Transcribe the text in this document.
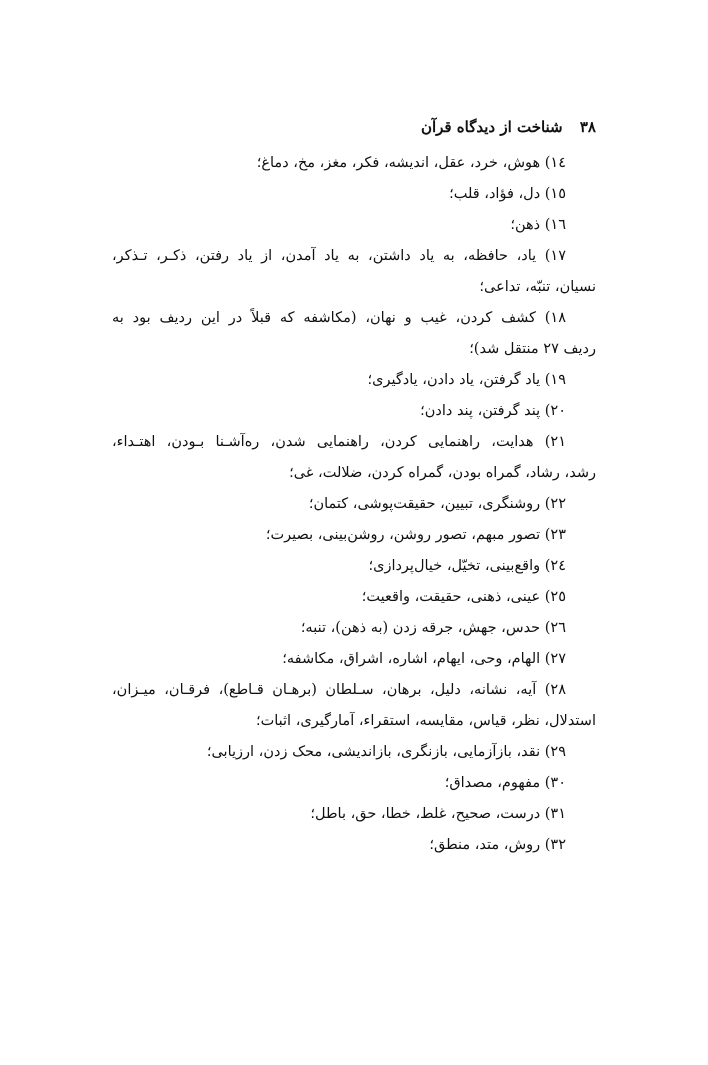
۳۸ شناخت از دیدگاه قرآن

١٤) هوش، خرد، عقل، اندیشه، فکر، مغز، مخ، دماغ؛

١٥) دل، فؤاد، قلب؛

١٦) ذهن؛

١٧) یاد، حافظه، به یاد داشتن، به یاد آمدن، از یاد رفتن، ذکـر، تـذکر،

نسیان، تنبّه، تداعی؛

١٨) کشف کردن، غیب و نهان، (مکاشفه که قبلاً در این ردیف بود به

ردیف ٢٧ منتقل شد)؛

١٩) یاد گرفتن، یاد دادن، یادگیری؛

٢٠) پند گرفتن، پند دادن؛

٢١) هدایت، راهنمایی کردن، راهنمایی شدن، ره‌آشـنا بـودن، اهتـداء،

رشد، رشاد، گمراه بودن، گمراه کردن، ضلالت، غی؛

٢٢) روشنگری، تبیین، حقیقت‌پوشی، کتمان؛

٢٣) تصور مبهم، تصور روشن، روشن‌بینی، بصیرت؛

٢٤) واقع‌بینی، تخیّل، خیال‌پردازی؛

٢٥) عینی، ذهنی، حقیقت، واقعیت؛

٢٦) حدس، جهش، جرقه زدن (به ذهن)، تنبه؛

٢٧) الهام، وحی، ایهام، اشاره، اشراق، مکاشفه؛

٢٨) آیه، نشانه، دلیل، برهان، سـلطان (برهـان قـاطع)، فرقـان، میـزان،

استدلال، نظر، قیاس، مقایسه، استقراء، آمارگیری، اثبات؛

٢٩) نقد، بازآزمایی، بازنگری، بازاندیشی، محک زدن، ارزیابی؛

٣٠) مفهوم، مصداق؛

٣١) درست، صحیح، غلط، خطا، حق، باطل؛

٣٢) روش، متد، منطق؛
